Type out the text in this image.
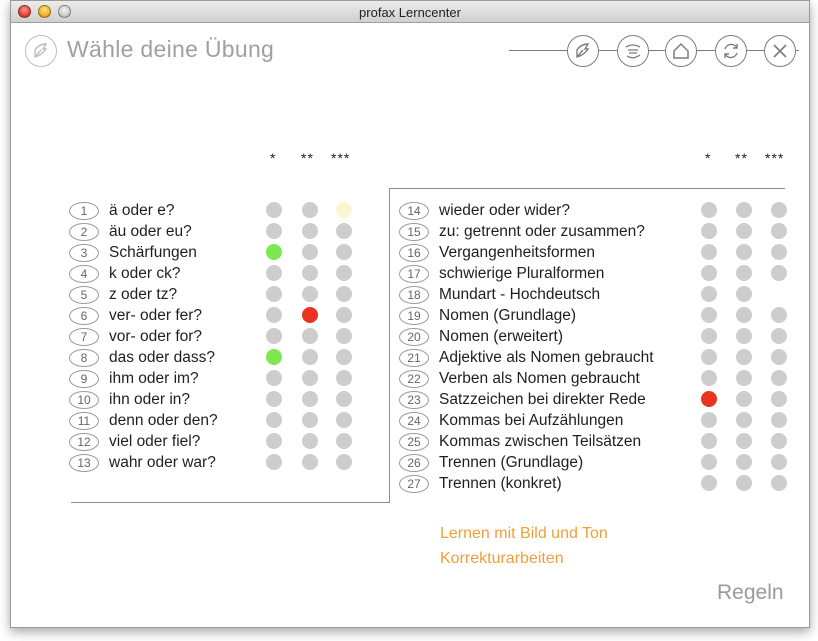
profax Lerncenter
Wähle deine Übung
* ** ***	* ** ***
1	ä oder e?
2	äu oder eu?
3	Schärfungen
4	k oder ck?
5	z oder tz?
6	ver- oder fer?
7	vor- oder for?
8	das oder dass?
9	ihm oder im?
10	ihn oder in?
11	denn oder den?
12	viel oder fiel?
13	wahr oder war?
14	wieder oder wider?
15	zu: getrennt oder zusammen?
16	Vergangenheitsformen
17	schwierige Pluralformen
18	Mundart - Hochdeutsch
19	Nomen (Grundlage)
20	Nomen (erweitert)
21	Adjektive als Nomen gebraucht
22	Verben als Nomen gebraucht
23	Satzzeichen bei direkter Rede
24	Kommas bei Aufzählungen
25	Kommas zwischen Teilsätzen
26	Trennen (Grundlage)
27	Trennen (konkret)
Lernen mit Bild und Ton
Korrekturarbeiten
Regeln
